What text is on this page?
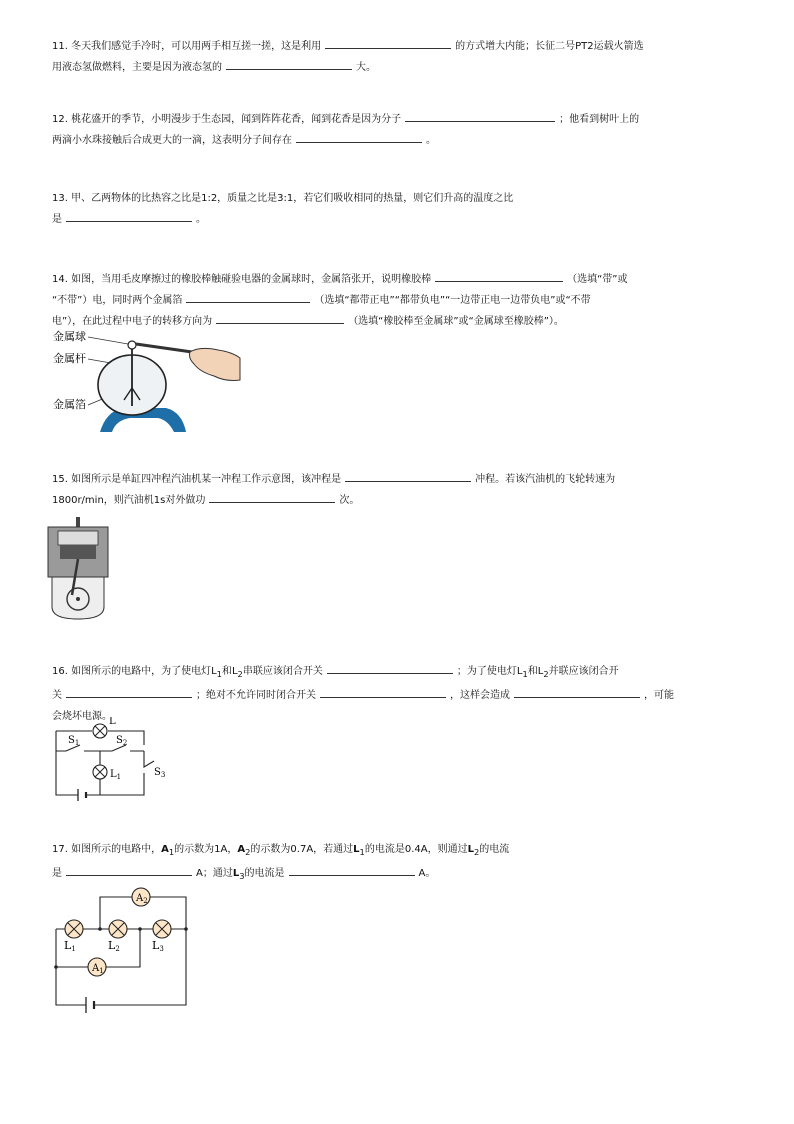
11. 冬天我们感觉手冷时，可以用两手相互搓一搓，这是利用	的方式增大内能；长征二号PT2运载火箭选
用液态氢做燃料，主要是因为液态氢的	大。
12. 桃花盛开的季节，小明漫步于生态园，闻到阵阵花香，闻到花香是因为分子	；他看到树叶上的
两滴小水珠接触后合成更大的一滴，这表明分子间存在	。
13. 甲、乙两物体的比热容之比是1:2，质量之比是3:1，若它们吸收相同的热量，则它们升高的温度之比
是	。
14. 如图，当用毛皮摩擦过的橡胶棒触碰验电器的金属球时，金属箔张开，说明橡胶棒	（选填“带”或
“不带”）电，同时两个金属箔	（选填“都带正电”“都带负电”“一边带正电一边带负电”或“不带
电”），在此过程中电子的转移方向为	（选填“橡胶棒至金属球”或“金属球至橡胶棒”）。
金属球
金属杆
金属箔
15. 如图所示是单缸四冲程汽油机某一冲程工作示意图，该冲程是	冲程。若该汽油机的飞轮转速为
1800r/min，则汽油机1s对外做功	次。
16. 如图所示的电路中，为了使电灯$L_1$和$L_2$串联应该闭合开关	；为了使电灯$L_1$和$L_2$并联应该闭合开
关	；绝对不允许同时闭合开关	，这样会造成	，可能
会烧坏电源。
L
$S_1$	$S_2$
$L_1$	$S_3$
17. 如图所示的电路中，$A_1$的示数为1A，$A_2$的示数为0.7A，若通过$L_1$的电流是0.4A，则通过$L_2$的电流
是	A；通过$L_3$的电流是	A。
$A_2$
$A_1$
L1	L2	L3
